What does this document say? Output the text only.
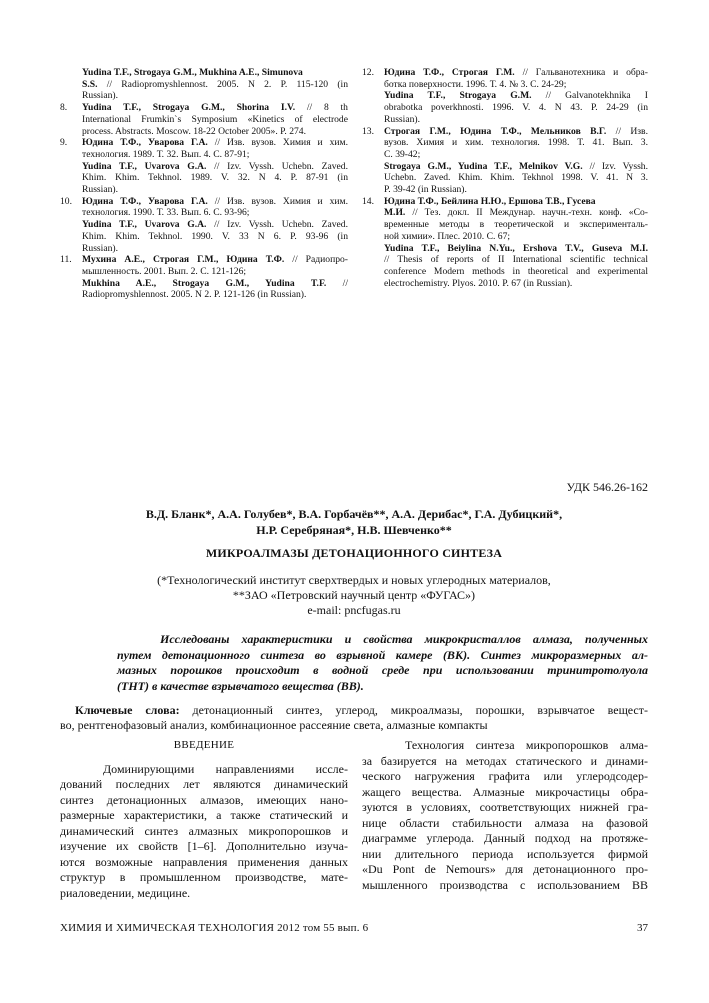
Yudina T.F., Strogaya G.M., Mukhina A.E., Simunova
S.S. // Radiopromyshlennost. 2005. N 2. P. 115-120 (in
Russian).
8.	Yudina T.F., Strogaya G.M., Shorina I.V. // 8 th
International Frumkin`s Symposium «Kinetics of electrode
process. Abstracts. Moscow. 18-22 October 2005». P. 274.
9.	Юдина Т.Ф., Уварова Г.А. // Изв. вузов. Химия и хим.
технология. 1989. Т. 32. Вып. 4. С. 87-91;
Yudina T.F., Uvarova G.A. // Izv. Vyssh. Uchebn. Zaved.
Khim. Khim. Tekhnol. 1989. V. 32. N 4. P. 87-91 (in
Russian).
10.	Юдина Т.Ф., Уварова Г.А. // Изв. вузов. Химия и хим.
технология. 1990. Т. 33. Вып. 6. С. 93-96;
Yudina T.F., Uvarova G.A. // Izv. Vyssh. Uchebn. Zaved.
Khim. Khim. Tekhnol. 1990. V. 33 N 6. P. 93-96 (in
Russian).
11.	Мухина А.Е., Строгая Г.М., Юдина Т.Ф. // Радиопро-
мышленность. 2001. Вып. 2. С. 121-126;
Mukhina A.E., Strogaya G.M., Yudina T.F. //
Radiopromyshlennost. 2005. N 2. P. 121-126 (in Russian).
12.	Юдина Т.Ф., Строгая Г.М. // Гальванотехника и обра-
ботка поверхности. 1996. Т. 4. № 3. С. 24-29;
Yudina T.F., Strogaya G.M. // Galvanotekhnika I
obrabotka poverkhnosti. 1996. V. 4. N 43. P. 24-29 (in
Russian).
13.	Строгая Г.М., Юдина Т.Ф., Мельников В.Г. // Изв.
вузов. Химия и хим. технология. 1998. Т. 41. Вып. 3.
С. 39-42;
Strogaya G.M., Yudina T.F., Melnikov V.G. // Izv. Vyssh.
Uchebn. Zaved. Khim. Khim. Tekhnol 1998. V. 41. N 3.
P. 39-42 (in Russian).
14.	Юдина Т.Ф., Бейлина Н.Ю., Ершова Т.В., Гусева
М.И. // Тез. докл. II Междунар. научн.-техн. конф. «Со-
временные методы в теоретической и эксперименталь-
ной химии». Плес. 2010. С. 67;
Yudina T.F., Beiylina N.Yu., Ershova T.V., Guseva M.I.
// Thesis of reports of II International scientific technical
conference Modern methods in theoretical and experimental
electrochemistry. Plyos. 2010. P. 67 (in Russian).
УДК 546.26-162
В.Д. Бланк*, А.А. Голубев*, В.А. Горбачёв**, А.А. Дерибас*, Г.А. Дубицкий*,
Н.Р. Серебряная*, Н.В. Шевченко**
МИКРОАЛМАЗЫ ДЕТОНАЦИОННОГО СИНТЕЗА
(*Технологический институт сверхтвердых и новых углеродных материалов,
**ЗАО «Петровский научный центр «ФУГАС»)
e-mail: pncfugas.ru
Исследованы характеристики и свойства микрокристаллов алмаза, полученных
путем детонационного синтеза во взрывной камере (ВК). Синтез микроразмерных ал-
мазных порошков происходит в водной среде при использовании тринитротолуола
(ТНТ) в качестве взрывчатого вещества (ВВ).
Ключевые слова: детонационный синтез, углерод, микроалмазы, порошки, взрывчатое вещест-
во, рентгенофазовый анализ, комбинационное рассеяние света, алмазные компакты
ВВЕДЕНИЕ
Доминирующими направлениями иссле-
дований последних лет являются динамический
синтез детонационных алмазов, имеющих нано-
размерные характеристики, а также статический и
динамический синтез алмазных микропорошков и
изучение их свойств [1–6]. Дополнительно изуча-
ются возможные направления применения данных
структур в промышленном производстве, мате-
риаловедении, медицине.
Технология синтеза микропорошков алма-
за базируется на методах статического и динами-
ческого нагружения графита или углеродсодер-
жащего вещества. Алмазные микрочастицы обра-
зуются в условиях, соответствующих нижней гра-
нице области стабильности алмаза на фазовой
диаграмме углерода. Данный подход на протяже-
нии длительного периода используется фирмой
«Du Pont de Nemours» для детонационного про-
мышленного производства с использованием ВВ
ХИМИЯ И ХИМИЧЕСКАЯ ТЕХНОЛОГИЯ 2012 том 55 вып. 6	37
